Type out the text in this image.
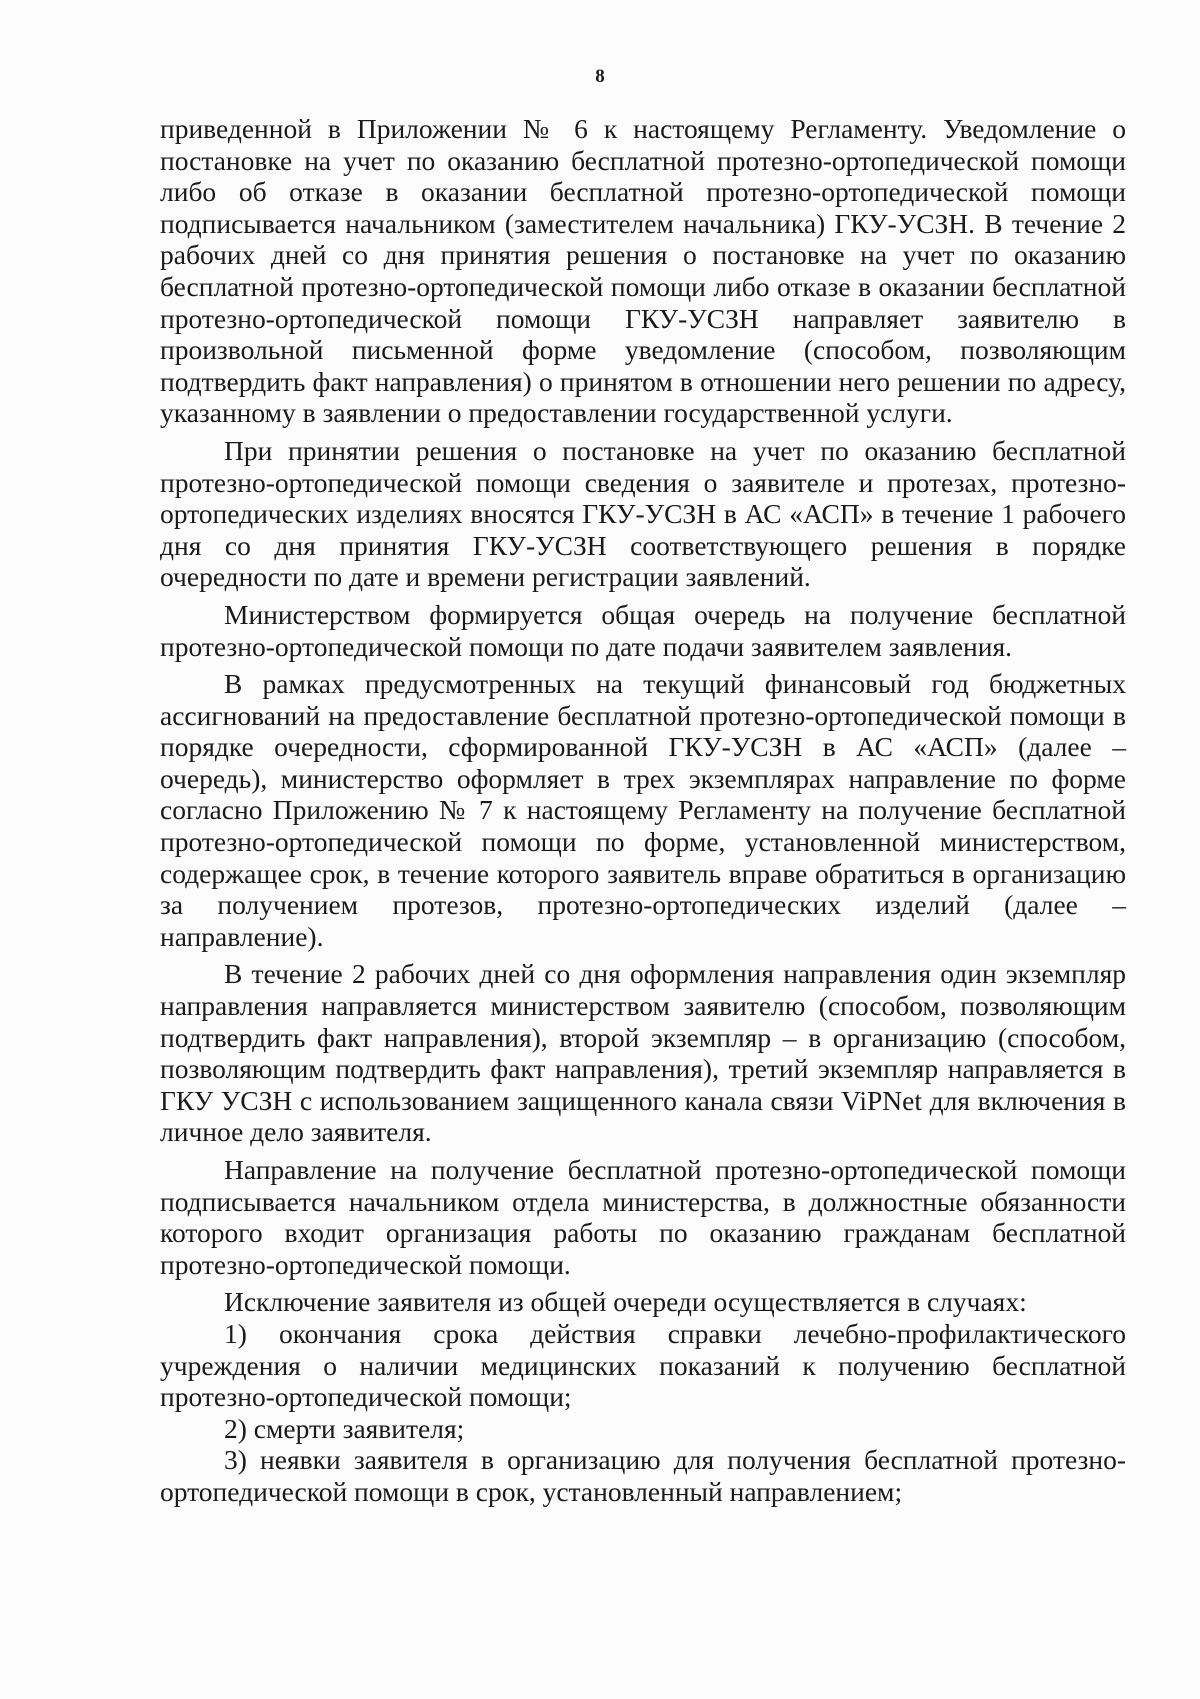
8

приведенной в Приложении № 6 к настоящему Регламенту. Уведомление о постановке на учет по оказанию бесплатной протезно-ортопедической помощи либо об отказе в оказании бесплатной протезно-ортопедической помощи подписывается начальником (заместителем начальника) ГКУ-УСЗН. В течение 2 рабочих дней со дня принятия решения о постановке на учет по оказанию бесплатной протезно-ортопедической помощи либо отказе в оказании бесплатной протезно-ортопедической помощи ГКУ-УСЗН направляет заявителю в произвольной письменной форме уведомление (способом, позволяющим подтвердить факт направления) о принятом в отношении него решении по адресу, указанному в заявлении о предоставлении государственной услуги.

При принятии решения о постановке на учет по оказанию бесплатной протезно-ортопедической помощи сведения о заявителе и протезах, протезно-ортопедических изделиях вносятся ГКУ-УСЗН в АС «АСП» в течение 1 рабочего дня со дня принятия ГКУ-УСЗН соответствующего решения в порядке очередности по дате и времени регистрации заявлений.

Министерством формируется общая очередь на получение бесплатной протезно-ортопедической помощи по дате подачи заявителем заявления.

В рамках предусмотренных на текущий финансовый год бюджетных ассигнований на предоставление бесплатной протезно-ортопедической помощи в порядке очередности, сформированной ГКУ-УСЗН в АС «АСП» (далее – очередь), министерство оформляет в трех экземплярах направление по форме согласно Приложению № 7 к настоящему Регламенту на получение бесплатной протезно-ортопедической помощи по форме, установленной министерством, содержащее срок, в течение которого заявитель вправе обратиться в организацию за получением протезов, протезно-ортопедических изделий (далее – направление).

В течение 2 рабочих дней со дня оформления направления один экземпляр направления направляется министерством заявителю (способом, позволяющим подтвердить факт направления), второй экземпляр – в организацию (способом, позволяющим подтвердить факт направления), третий экземпляр направляется в ГКУ УСЗН с использованием защищенного канала связи ViPNet для включения в личное дело заявителя.

Направление на получение бесплатной протезно-ортопедической помощи подписывается начальником отдела министерства, в должностные обязанности которого входит организация работы по оказанию гражданам бесплатной протезно-ортопедической помощи.

Исключение заявителя из общей очереди осуществляется в случаях:

1) окончания срока действия справки лечебно-профилактического учреждения о наличии медицинских показаний к получению бесплатной протезно-ортопедической помощи;

2) смерти заявителя;

3) неявки заявителя в организацию для получения бесплатной протезно-ортопедической помощи в срок, установленный направлением;
